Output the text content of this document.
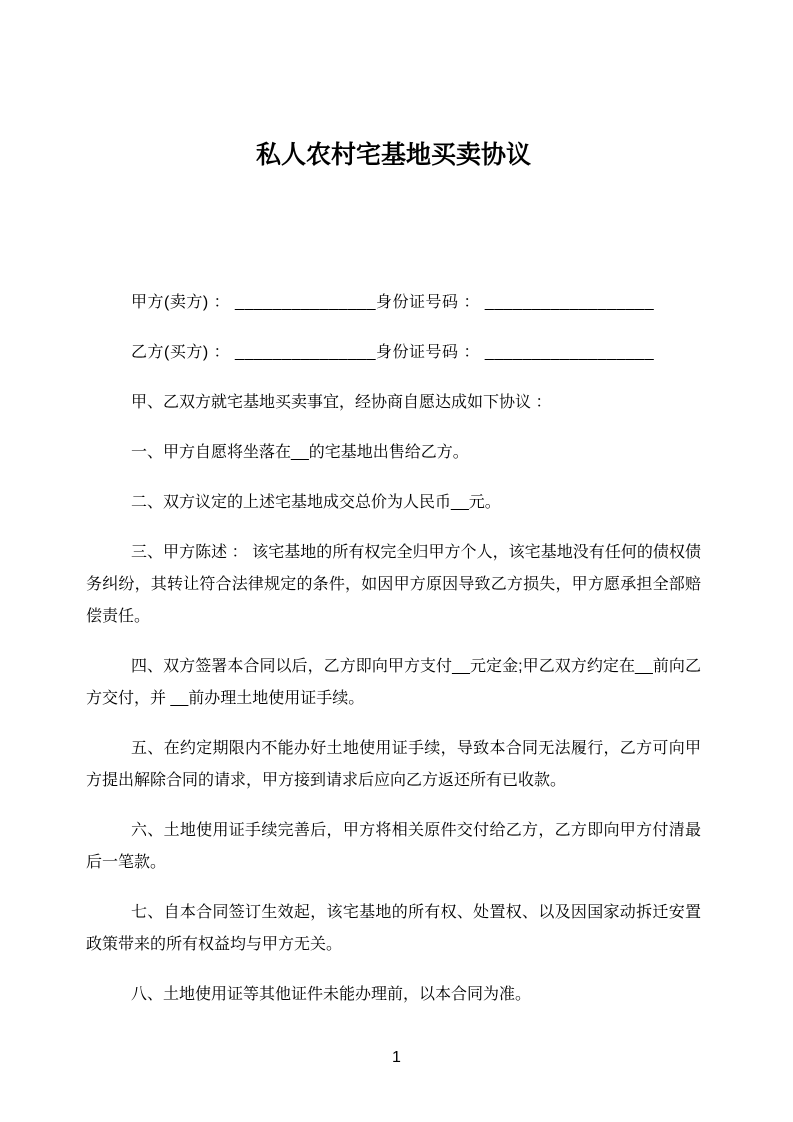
私人农村宅基地买卖协议

甲方(卖方) ： _______________身份证号码 ： __________________

乙方(买方) ： _______________身份证号码 ： __________________

甲、乙双方就宅基地买卖事宜，经协商自愿达成如下协议 ：

一、甲方自愿将坐落在__的宅基地出售给乙方。

二、双方议定的上述宅基地成交总价为人民币__元。

三、甲方陈述 ： 该宅基地的所有权完全归甲方个人，该宅基地没有任何的债权债务纠纷，其转让符合法律规定的条件，如因甲方原因导致乙方损失，甲方愿承担全部赔偿责任。

四、双方签署本合同以后，乙方即向甲方支付__元定金;甲乙双方约定在__前向乙方交付，并 __前办理土地使用证手续。

五、在约定期限内不能办好土地使用证手续，导致本合同无法履行，乙方可向甲方提出解除合同的请求，甲方接到请求后应向乙方返还所有已收款。

六、土地使用证手续完善后，甲方将相关原件交付给乙方，乙方即向甲方付清最后一笔款。

七、自本合同签订生效起，该宅基地的所有权、处置权、以及因国家动拆迁安置政策带来的所有权益均与甲方无关。

八、土地使用证等其他证件未能办理前，以本合同为准。

1
